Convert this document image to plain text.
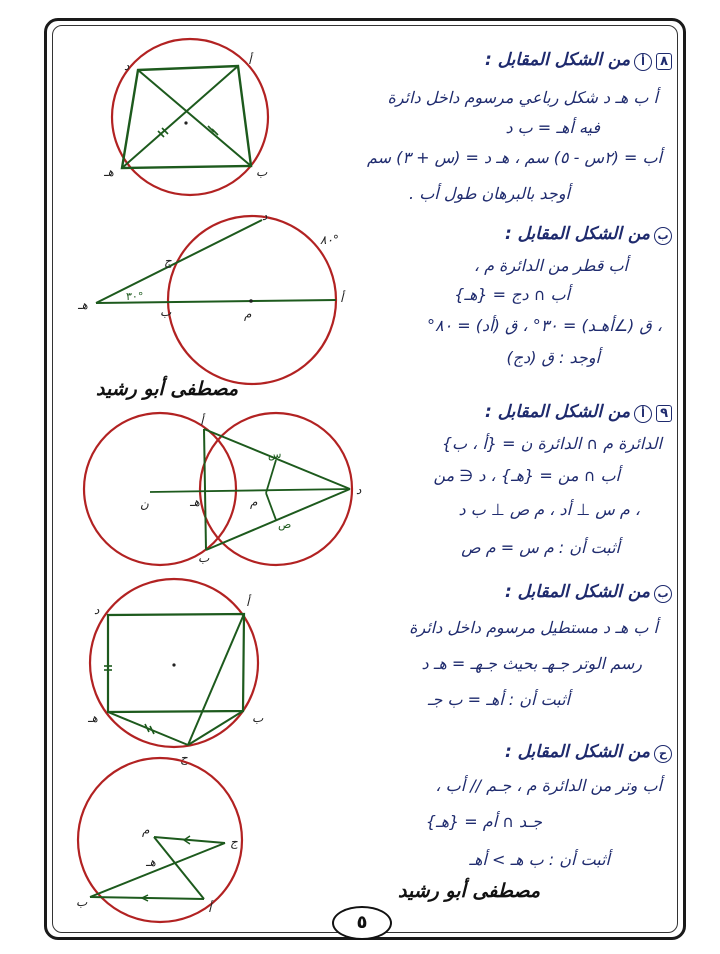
د	أ
ب
هـ
د
ج
هـ	ب	م
أ
٣٠°
٨٠°
أ
ن	هـ	م
د
س
ص
ب
د
أ
هـ	ب
ج
م
ج
هـ
ب	أ
٨أمن الشكل المقابل :
أ ب هـ د شكل رباعي مرسوم داخل دائرة
فيه أهـ = ب د
أب = (٢س - ٥) سم ، هـ د = (س + ٣) سم
أوجد بالبرهان طول أب .
بمن الشكل المقابل :
أب قطر من الدائرة م ،
أب ∩ دج = {هـ}
، ق (∠أهـد) = ٣٠° ، ق (أد) = ٨٠°
أوجد : ق (دج)
مصطفى أبو رشيد
٩أمن الشكل المقابل :
الدائرة م ∩ الدائرة ن = {أ ، ب}
أب ∩ من = {هـ} ، د ∈ من
، م س ⊥ أد ، م ص ⊥ ب د
أثبت أن : م س = م ص
بمن الشكل المقابل :
أ ب هـ د مستطيل مرسوم داخل دائرة
رسم الوتر جـهـ بحيث جـهـ = هـ د
أثبت أن : أهـ = ب جـ
حمن الشكل المقابل :
أب وتر من الدائرة م ، جـم // أب ،
جـد ∩ أم = {هـ}
أثبت أن : ب هـ > أهـ
مصطفى أبو رشيد
٥
